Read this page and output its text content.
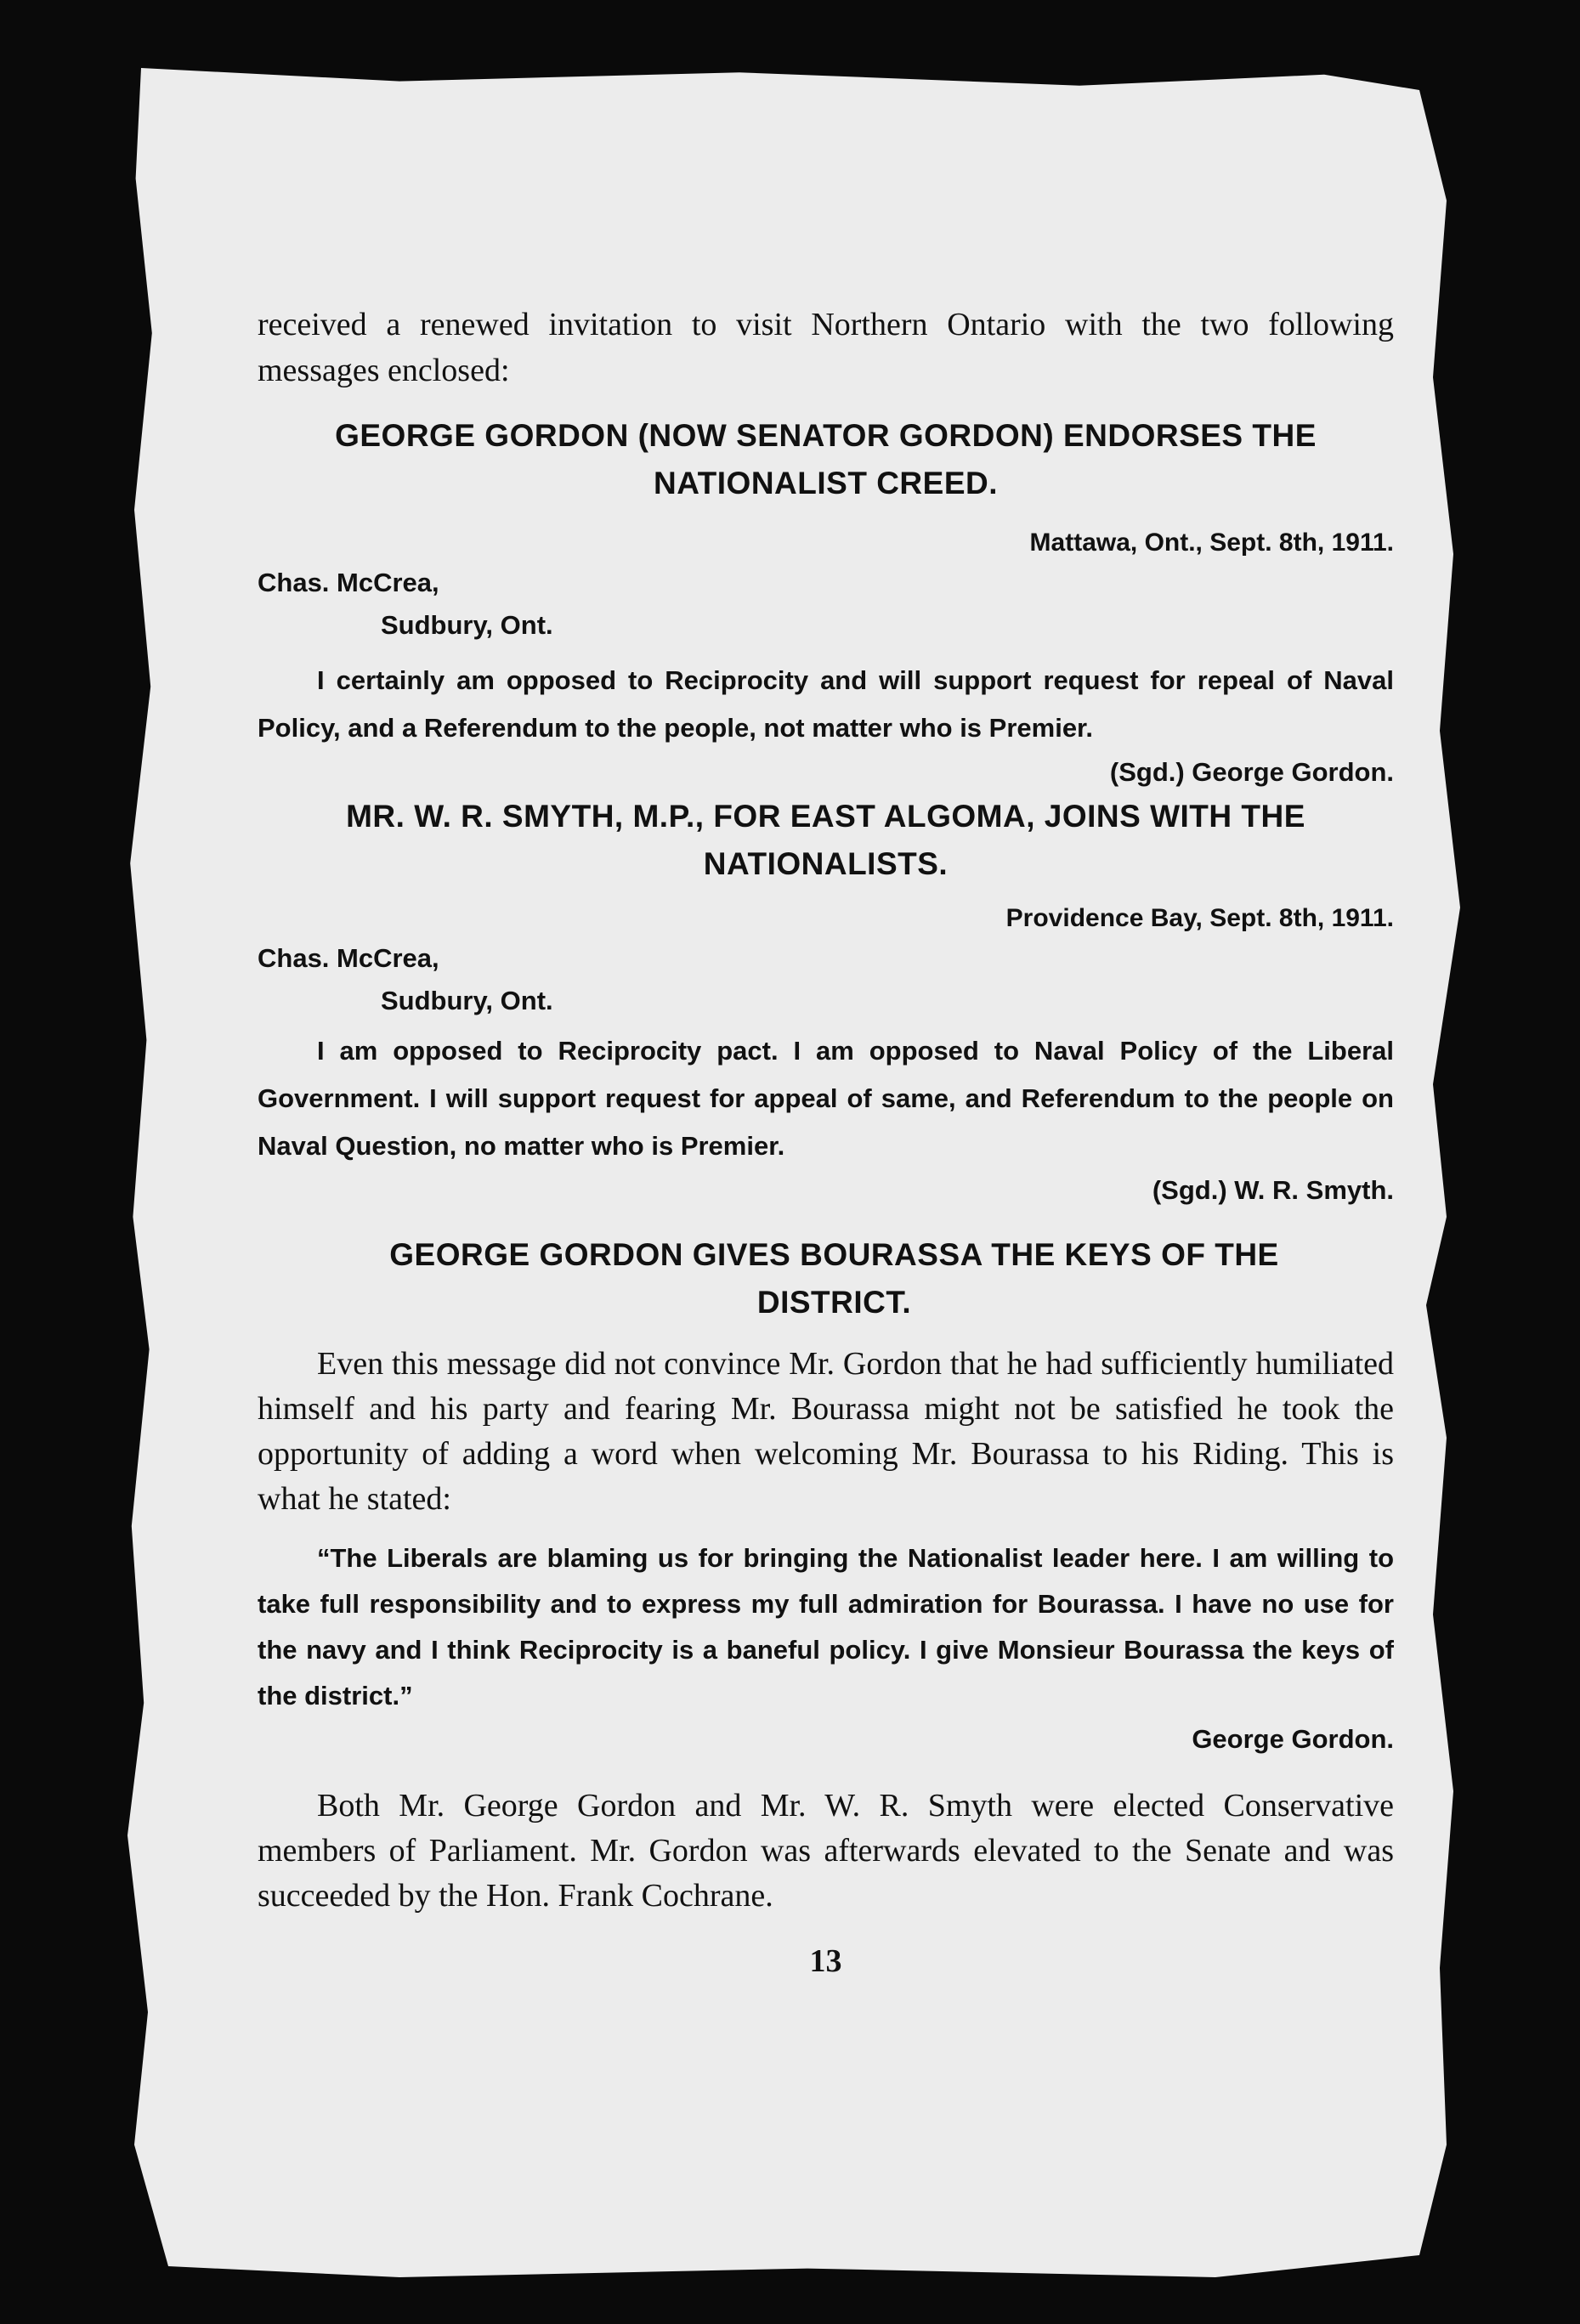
received a renewed invitation to visit Northern Ontario with the two following messages enclosed:

GEORGE GORDON (NOW SENATOR GORDON) ENDORSES THE NATIONALIST CREED.

Mattawa, Ont., Sept. 8th, 1911.

Chas. McCrea,

Sudbury, Ont.

I certainly am opposed to Reciprocity and will support request for repeal of Naval Policy, and a Referendum to the people, not matter who is Premier.

(Sgd.) George Gordon.

MR. W. R. SMYTH, M.P., FOR EAST ALGOMA, JOINS WITH THE NATIONALISTS.

Providence Bay, Sept. 8th, 1911.

Chas. McCrea,

Sudbury, Ont.

I am opposed to Reciprocity pact. I am opposed to Naval Policy of the Liberal Government. I will support request for appeal of same, and Referendum to the people on Naval Question, no matter who is Premier.

(Sgd.) W. R. Smyth.

GEORGE GORDON GIVES BOURASSA THE KEYS OF THE DISTRICT.

Even this message did not convince Mr. Gordon that he had sufficiently humiliated himself and his party and fearing Mr. Bourassa might not be satisfied he took the opportunity of adding a word when welcoming Mr. Bourassa to his Riding. This is what he stated:

“The Liberals are blaming us for bringing the Nationalist leader here. I am willing to take full responsibility and to express my full admiration for Bourassa. I have no use for the navy and I think Reciprocity is a baneful policy. I give Monsieur Bourassa the keys of the district.”

George Gordon.

Both Mr. George Gordon and Mr. W. R. Smyth were elected Conservative members of Parliament. Mr. Gordon was afterwards elevated to the Senate and was succeeded by the Hon. Frank Cochrane.

13
